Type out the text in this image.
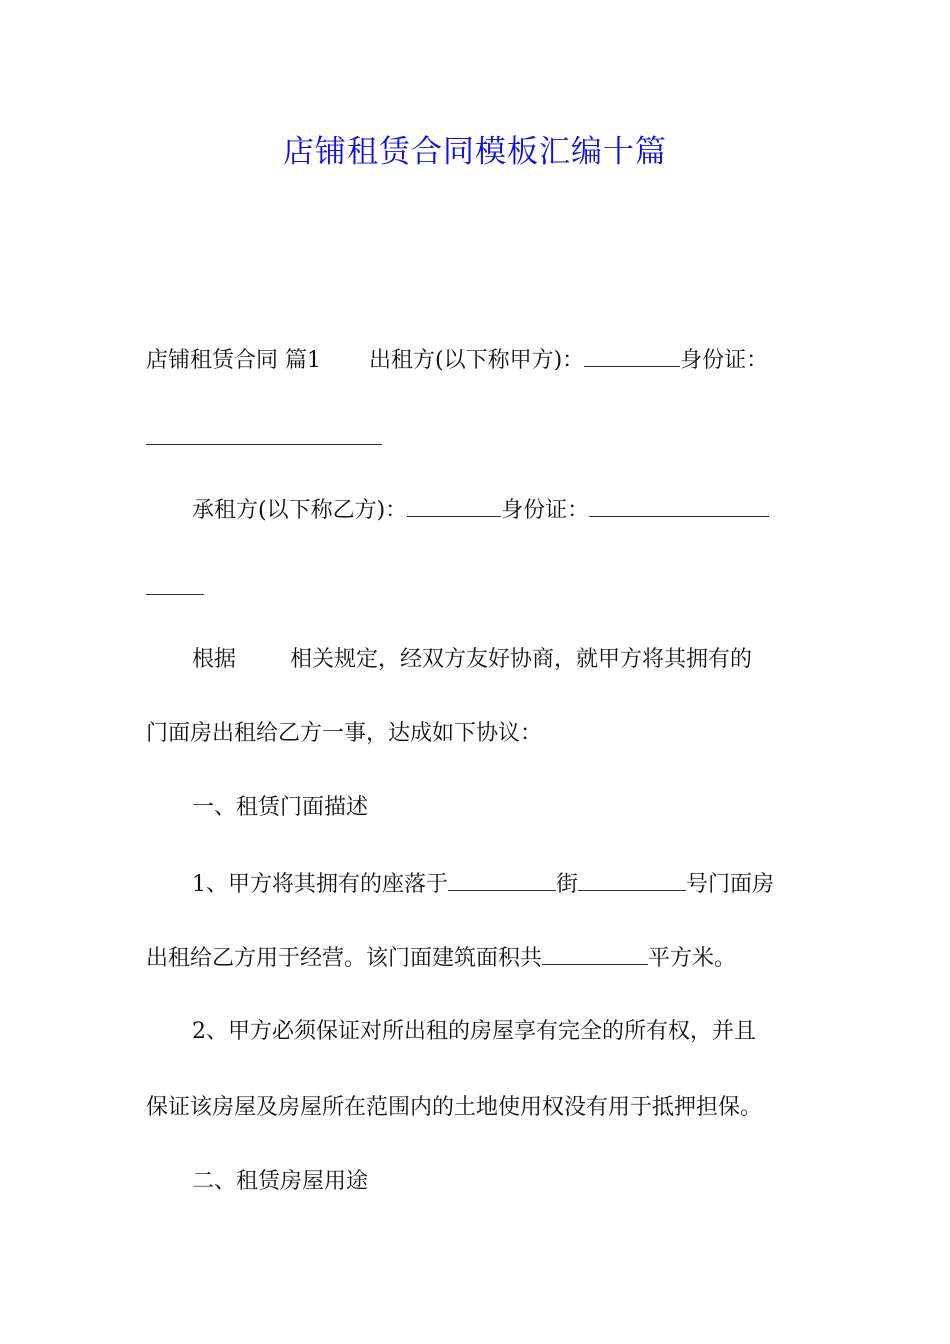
店铺租赁合同模板汇编十篇
店铺租赁合同 篇1 出租方(以下称甲方)：	身份证：
承租方(以下称乙方)：	身份证：
根据 相关规定，经双方友好协商，就甲方将其拥有的
门面房出租给乙方一事，达成如下协议：
一、租赁门面描述
1、甲方将其拥有的座落于	街	号门面房
出租给乙方用于经营。该门面建筑面积共	平方米。
2、甲方必须保证对所出租的房屋享有完全的所有权，并且
保证该房屋及房屋所在范围内的土地使用权没有用于抵押担保。
二、租赁房屋用途
